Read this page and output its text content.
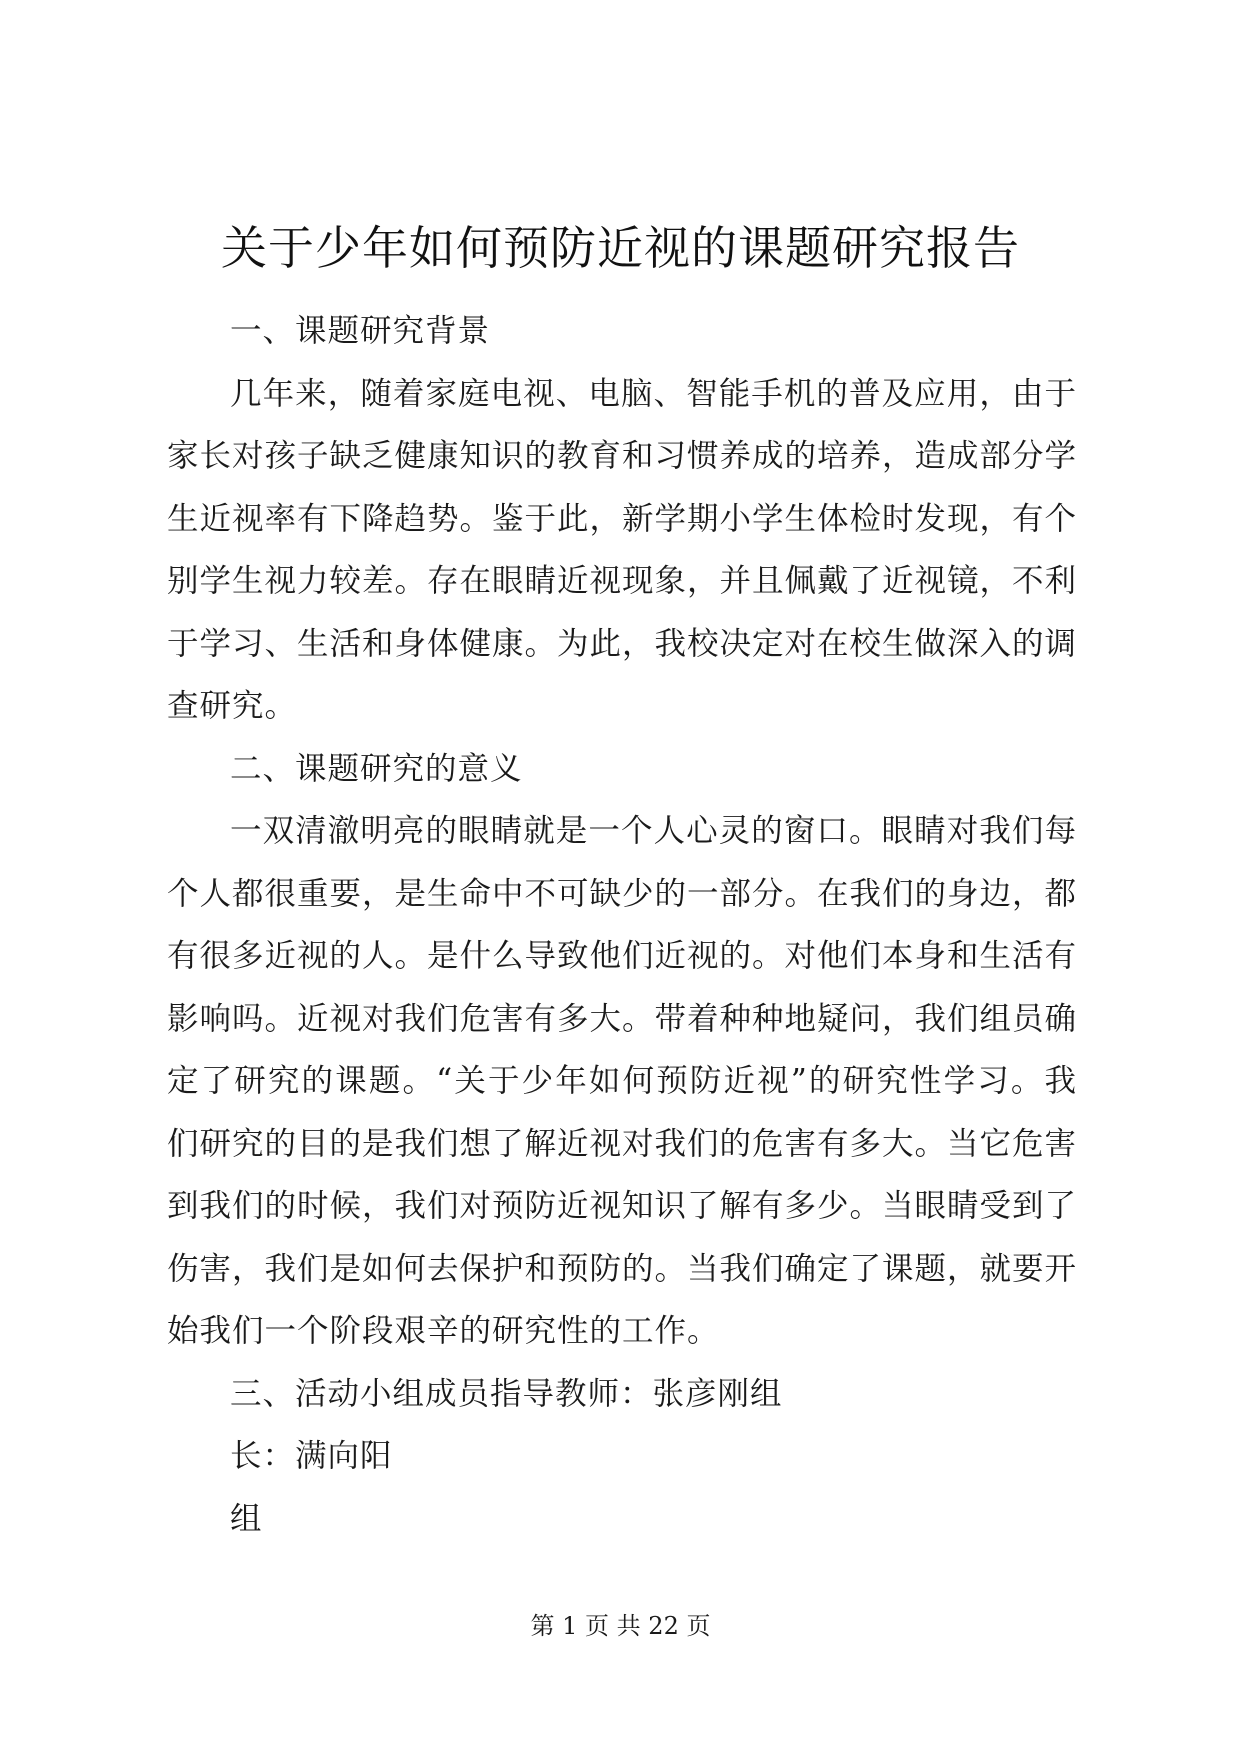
关于少年如何预防近视的课题研究报告

一、课题研究背景

几年来，随着家庭电视、电脑、智能手机的普及应用，由于家长对孩子缺乏健康知识的教育和习惯养成的培养，造成部分学生近视率有下降趋势。鉴于此，新学期小学生体检时发现，有个别学生视力较差。存在眼睛近视现象，并且佩戴了近视镜，不利于学习、生活和身体健康。为此，我校决定对在校生做深入的调查研究。

二、课题研究的意义

一双清澈明亮的眼睛就是一个人心灵的窗口。眼睛对我们每个人都很重要，是生命中不可缺少的一部分。在我们的身边，都有很多近视的人。是什么导致他们近视的。对他们本身和生活有影响吗。近视对我们危害有多大。带着种种地疑问，我们组员确定了研究的课题。“关于少年如何预防近视”的研究性学习。我们研究的目的是我们想了解近视对我们的危害有多大。当它危害到我们的时候，我们对预防近视知识了解有多少。当眼睛受到了伤害，我们是如何去保护和预防的。当我们确定了课题，就要开始我们一个阶段艰辛的研究性的工作。

三、活动小组成员指导教师：张彦刚组

长：满向阳

组

第 1 页 共 22 页
